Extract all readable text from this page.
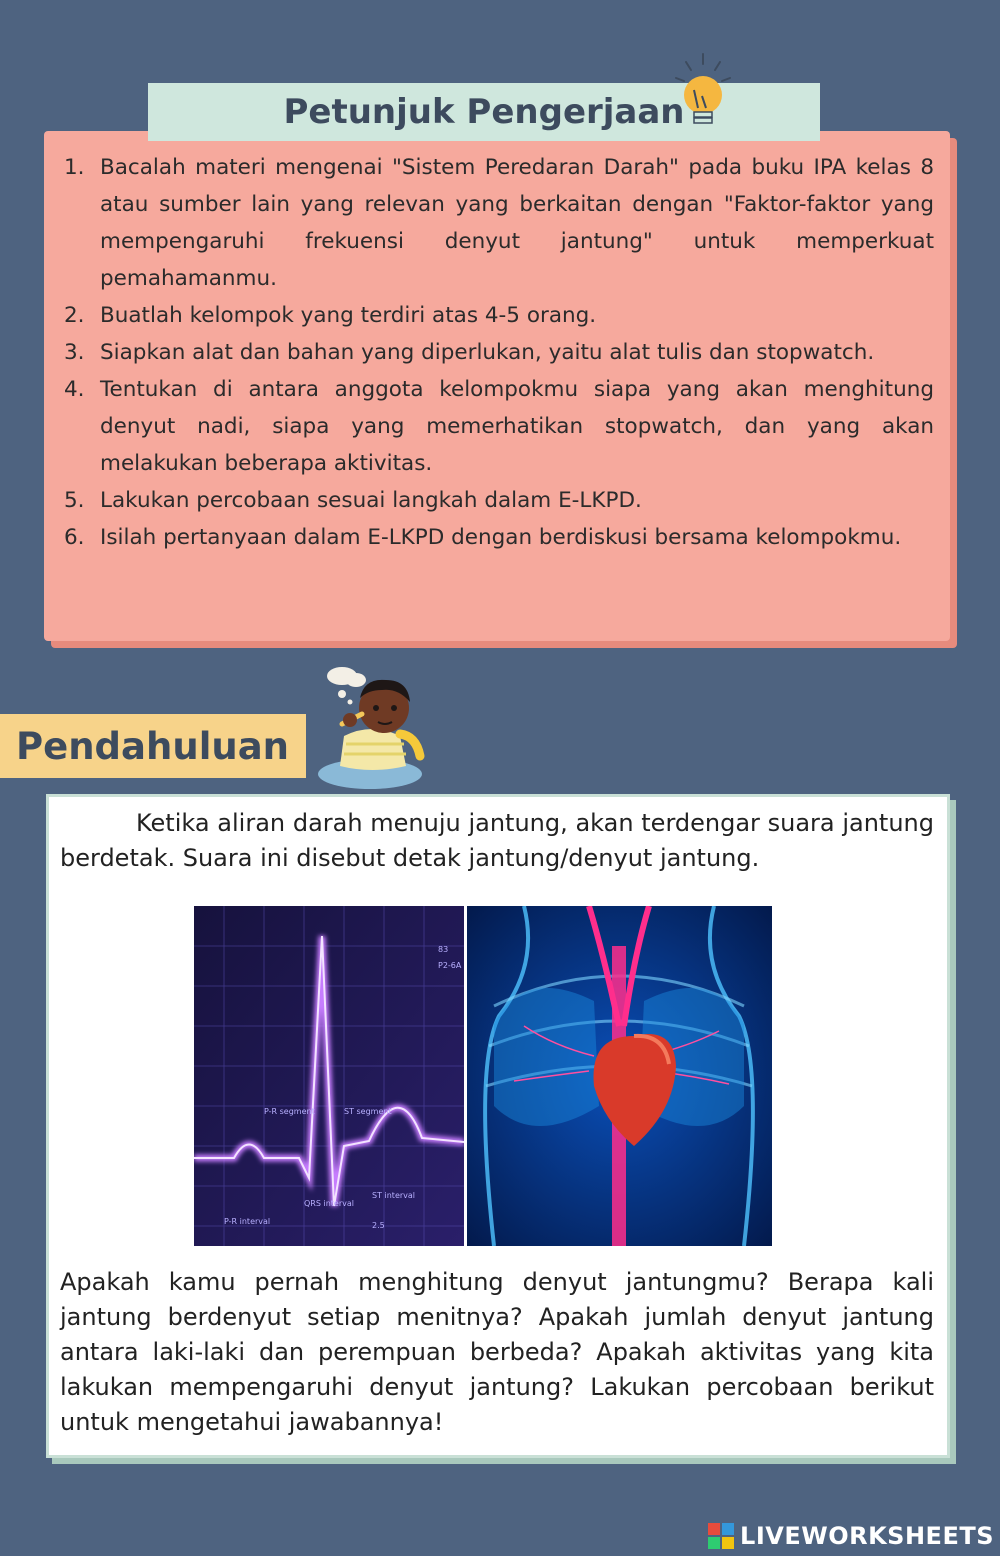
Petunjuk Pengerjaan
1. Bacalah materi mengenai "Sistem Peredaran Darah" pada buku IPA kelas 8 atau sumber lain yang relevan yang berkaitan dengan "Faktor-faktor yang mempengaruhi frekuensi denyut jantung" untuk memperkuat pemahamanmu.
2. Buatlah kelompok yang terdiri atas 4-5 orang.
3. Siapkan alat dan bahan yang diperlukan, yaitu alat tulis dan stopwatch.
4. Tentukan di antara anggota kelompokmu siapa yang akan menghitung denyut nadi, siapa yang memerhatikan stopwatch, dan yang akan melakukan beberapa aktivitas.
5. Lakukan percobaan sesuai langkah dalam E-LKPD.
6. Isilah pertanyaan dalam E-LKPD dengan berdiskusi bersama kelompokmu.
Pendahuluan
Ketika aliran darah menuju jantung, akan terdengar suara jantung berdetak. Suara ini disebut detak jantung/denyut jantung.
83
P2-6A
P-R segment	ST segment
QRS interval
ST interval
P-R interval	2.5
Apakah kamu pernah menghitung denyut jantungmu? Berapa kali jantung berdenyut setiap menitnya? Apakah jumlah denyut jantung antara laki-laki dan perempuan berbeda? Apakah aktivitas yang kita lakukan mempengaruhi denyut jantung? Lakukan percobaan berikut untuk mengetahui jawabannya!
LIVEWORKSHEETS
